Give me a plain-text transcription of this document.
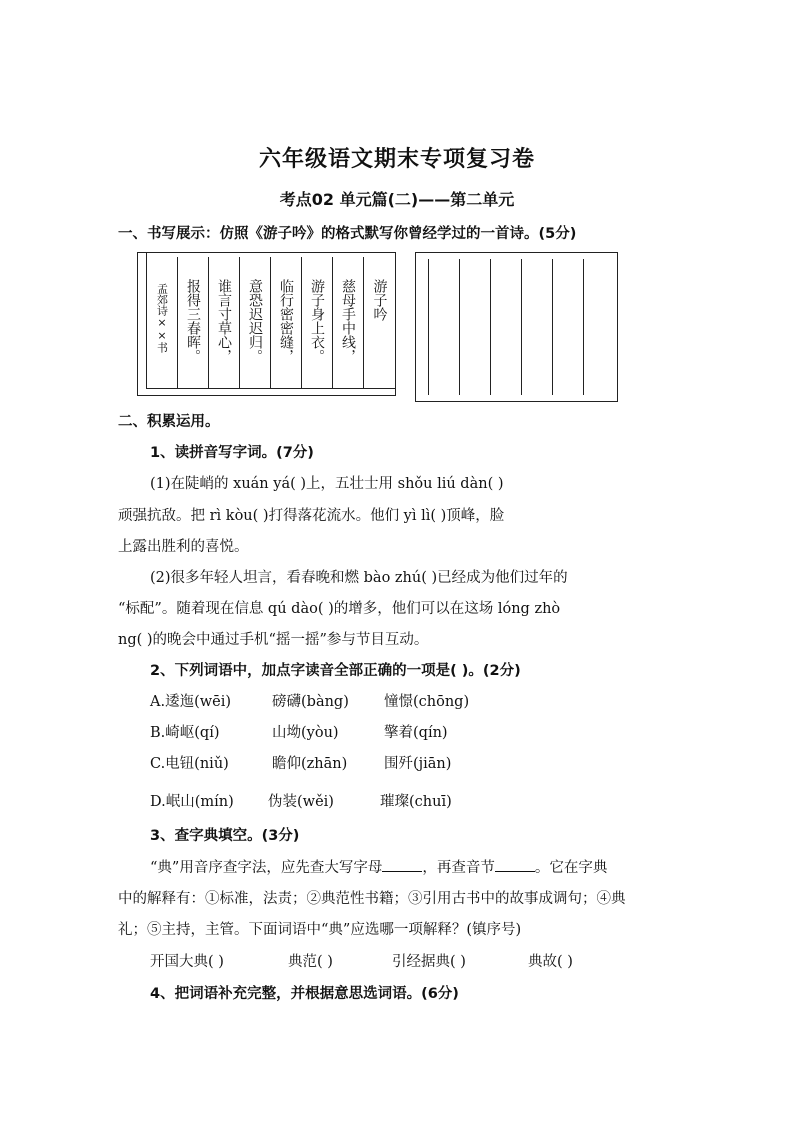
六年级语文期末专项复习卷
考点02 单元篇(二)——第二单元
一、书写展示：仿照《游子吟》的格式默写你曾经学过的一首诗。(5分)
孟郊诗××书 报得三春晖。 谁言寸草心， 意恐迟迟归。 临行密密缝， 游子身上衣。 慈母手中线， 游子吟
二、积累运用。
1、读拼音写字词。(7分)
(1)在陡峭的 xuán yá( )上，五壮士用 shǒu liú dàn( )
顽强抗敌。把 rì kòu( )打得落花流水。他们 yì lì( )顶峰，脸
上露出胜利的喜悦。
(2)很多年轻人坦言，看春晚和燃 bào zhú( )已经成为他们过年的
“标配”。随着现在信息 qú dào( )的增多，他们可以在这场 lóng zhò
ng( )的晚会中通过手机“摇一摇”参与节目互动。
2、下列词语中，加点字读音全部正确的一项是( )。(2分)
A.逶迤(wēi)	磅礴(bàng) 憧憬(chōng)
B.崎岖(qí)	山坳(yòu)	擎着(qín)
C.电钮(niǔ)	瞻仰(zhān)	围歼(jiān)
D.岷山(mín) 伪装(wěi)	璀璨(chuī)
3、查字典填空。(3分)
“典”用音序查字法，应先查大写字母	，再查音节	。它在字典
中的解释有：①标准，法责；②典范性书籍；③引用古书中的故事成调句；④典
礼；⑤主持，主管。下面词语中“典”应选哪一项解释？(镇序号)
开国大典( )	典范( )	引经据典( )	典故( )
4、把词语补充完整，并根据意思选词语。(6分)
